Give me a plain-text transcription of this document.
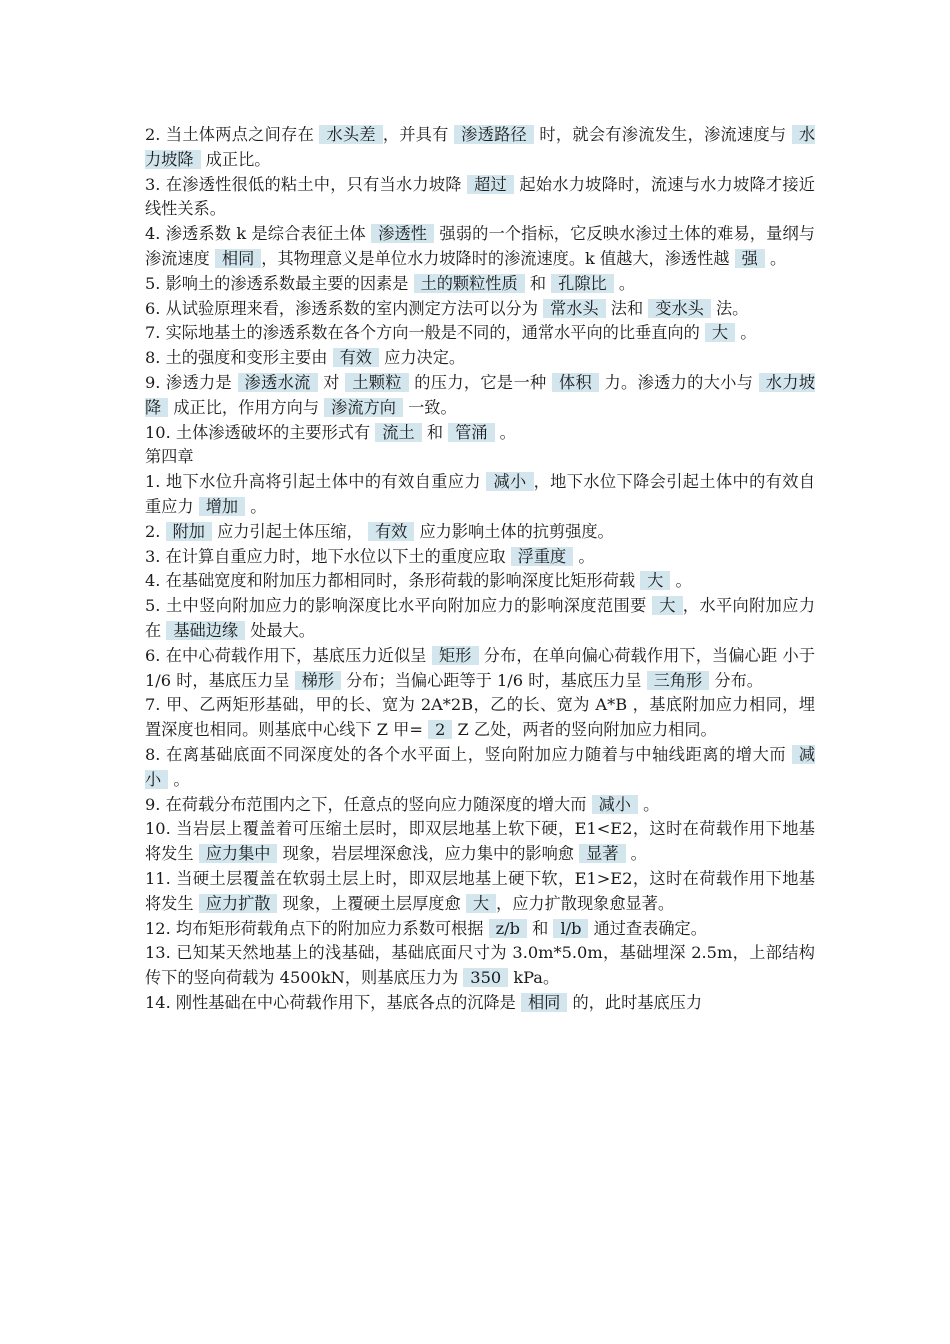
2. 当土体两点之间存在 水头差 ，并具有 渗透路径 时，就会有渗流发生，渗流速度与 水力坡降 成正比。

3. 在渗透性很低的粘土中，只有当水力坡降 超过 起始水力坡降时，流速与水力坡降才接近线性关系。

4. 渗透系数 k 是综合表征土体 渗透性 强弱的一个指标，它反映水渗过土体的难易，量纲与渗流速度 相同 ，其物理意义是单位水力坡降时的渗流速度。k 值越大，渗透性越 强 。

5. 影响土的渗透系数最主要的因素是 土的颗粒性质 和 孔隙比 。

6. 从试验原理来看，渗透系数的室内测定方法可以分为 常水头 法和 变水头 法。

7. 实际地基土的渗透系数在各个方向一般是不同的，通常水平向的比垂直向的 大 。

8. 土的强度和变形主要由 有效 应力决定。

9. 渗透力是 渗透水流 对 土颗粒 的压力，它是一种 体积 力。渗透力的大小与 水力坡降 成正比，作用方向与 渗流方向 一致。

10. 土体渗透破坏的主要形式有 流土 和 管涌 。

第四章

1. 地下水位升高将引起土体中的有效自重应力 减小 ，地下水位下降会引起土体中的有效自重应力 增加 。

2. 附加 应力引起土体压缩， 有效 应力影响土体的抗剪强度。

3. 在计算自重应力时，地下水位以下土的重度应取 浮重度 。

4. 在基础宽度和附加压力都相同时，条形荷载的影响深度比矩形荷载 大 。

5. 土中竖向附加应力的影响深度比水平向附加应力的影响深度范围要 大 ，水平向附加应力在 基础边缘 处最大。

6. 在中心荷载作用下，基底压力近似呈 矩形 分布，在单向偏心荷载作用下，当偏心距 小于 1/6 时，基底压力呈 梯形 分布；当偏心距等于 1/6 时，基底压力呈 三角形 分布。

7. 甲、乙两矩形基础，甲的长、宽为 2A*2B，乙的长、宽为 A*B ，基底附加应力相同，埋置深度也相同。则基底中心线下 Z 甲= 2 Z 乙处，两者的竖向附加应力相同。

8. 在离基础底面不同深度处的各个水平面上，竖向附加应力随着与中轴线距离的增大而 减小 。

9. 在荷载分布范围内之下，任意点的竖向应力随深度的增大而 减小 。

10. 当岩层上覆盖着可压缩土层时，即双层地基上软下硬，E1<E2，这时在荷载作用下地基将发生 应力集中 现象，岩层埋深愈浅，应力集中的影响愈 显著 。

11. 当硬土层覆盖在软弱土层上时，即双层地基上硬下软，E1>E2，这时在荷载作用下地基将发生 应力扩散 现象，上覆硬土层厚度愈 大 ，应力扩散现象愈显著。

12. 均布矩形荷载角点下的附加应力系数可根据 z/b 和 l/b 通过查表确定。

13. 已知某天然地基上的浅基础，基础底面尺寸为 3.0m*5.0m，基础埋深 2.5m，上部结构传下的竖向荷载为 4500kN，则基底压力为 350 kPa。

14. 刚性基础在中心荷载作用下，基底各点的沉降是 相同 的，此时基底压力
